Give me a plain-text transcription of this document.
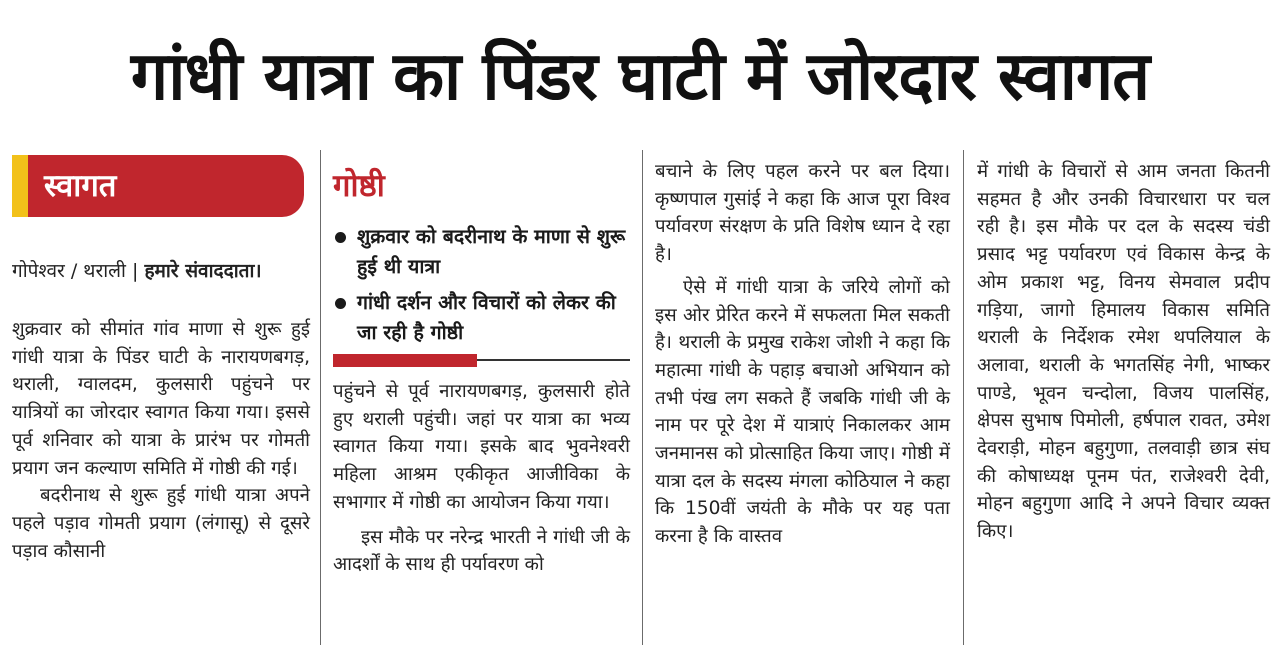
गांधी यात्रा का पिंडर घाटी में जोरदार स्वागत
स्वागत
गोपेश्वर / थराली | हमारे संवाददाता।

शुक्रवार को सीमांत गांव माणा से शुरू हुई गांधी यात्रा के पिंडर घाटी के नारायणबगड़, थराली, ग्वालदम, कुलसारी पहुंचने पर यात्रियों का जोरदार स्वागत किया गया। इससे पूर्व शनिवार को यात्रा के प्रारंभ पर गोमती प्रयाग जन कल्याण समिति में गोष्ठी की गई।

बदरीनाथ से शुरू हुई गांधी यात्रा अपने पहले पड़ाव गोमती प्रयाग (लंगासू) से दूसरे पड़ाव कौसानी

गोष्ठी
शुक्रवार को बदरीनाथ के माणा से शुरू हुई थी यात्रा
गांधी दर्शन और विचारों को लेकर की जा रही है गोष्ठी

पहुंचने से पूर्व नारायणबगड़, कुलसारी होते हुए थराली पहुंची। जहां पर यात्रा का भव्य स्वागत किया गया। इसके बाद भुवनेश्वरी महिला आश्रम एकीकृत आजीविका के सभागार में गोष्ठी का आयोजन किया गया।

इस मौके पर नरेन्द्र भारती ने गांधी जी के आदर्शों के साथ ही पर्यावरण को

बचाने के लिए पहल करने पर बल दिया। कृष्णपाल गुसांई ने कहा कि आज पूरा विश्व पर्यावरण संरक्षण के प्रति विशेष ध्यान दे रहा है।

ऐसे में गांधी यात्रा के जरिये लोगों को इस ओर प्रेरित करने में सफलता मिल सकती है। थराली के प्रमुख राकेश जोशी ने कहा कि महात्मा गांधी के पहाड़ बचाओ अभियान को तभी पंख लग सकते हैं जबकि गांधी जी के नाम पर पूरे देश में यात्राएं निकालकर आम जनमानस को प्रोत्साहित किया जाए। गोष्ठी में यात्रा दल के सदस्य मंगला कोठियाल ने कहा कि 150वीं जयंती के मौके पर यह पता करना है कि वास्तव

में गांधी के विचारों से आम जनता कितनी सहमत है और उनकी विचारधारा पर चल रही है। इस मौके पर दल के सदस्य चंडी प्रसाद भट्ट पर्यावरण एवं विकास केन्द्र के ओम प्रकाश भट्ट, विनय सेमवाल प्रदीप गड़िया, जागो हिमालय विकास समिति थराली के निर्देशक रमेश थपलियाल के अलावा, थराली के भगतसिंह नेगी, भाष्कर पाण्डे, भूवन चन्दोला, विजय पालसिंह, क्षेपस सुभाष पिमोली, हर्षपाल रावत, उमेश देवराड़ी, मोहन बहुगुणा, तलवाड़ी छात्र संघ की कोषाध्यक्ष पूनम पंत, राजेश्वरी देवी, मोहन बहुगुणा आदि ने अपने विचार व्यक्त किए।
